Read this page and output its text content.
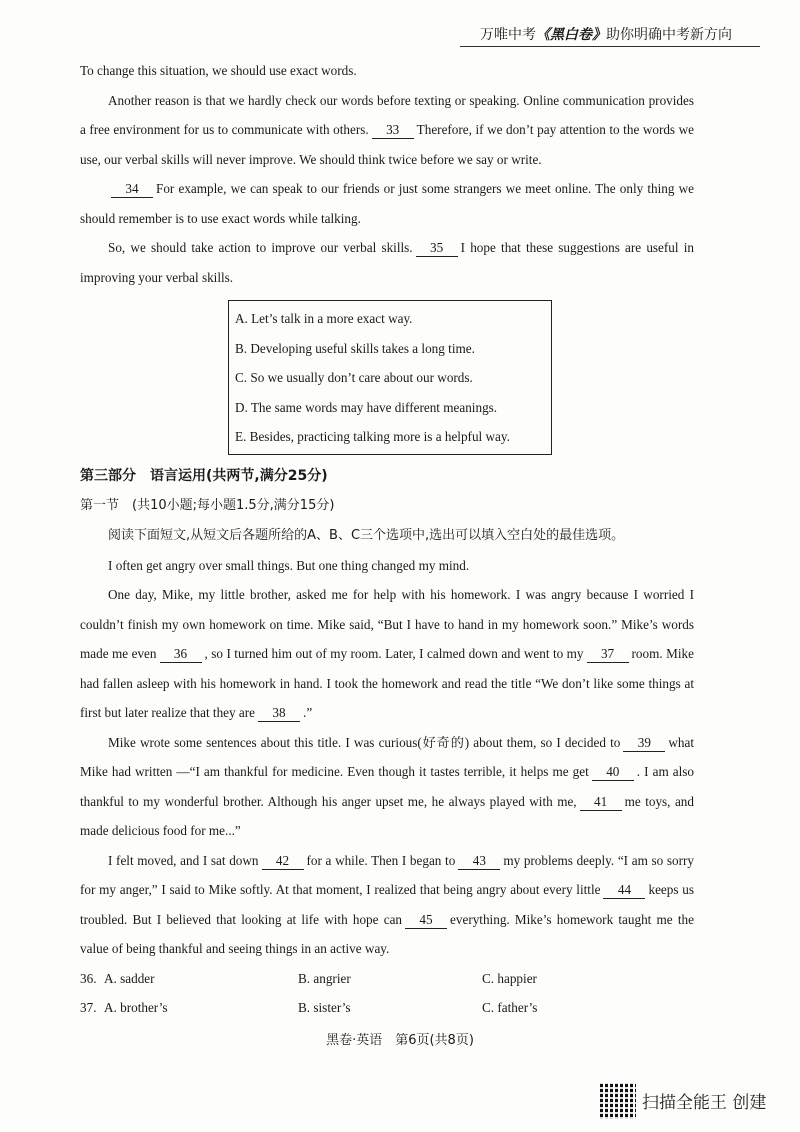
万唯中考《黑白卷》助你明确中考新方向

To change this situation, we should use exact words.

Another reason is that we hardly check our words before texting or speaking. Online communication provides a free environment for us to communicate with others. 33 Therefore, if we don’t pay attention to the words we use, our verbal skills will never improve. We should think twice before we say or write.

34 For example, we can speak to our friends or just some strangers we meet online. The only thing we should remember is to use exact words while talking.

So, we should take action to improve our verbal skills. 35 I hope that these suggestions are useful in improving your verbal skills.

A. Let’s talk in a more exact way.
B. Developing useful skills takes a long time.
C. So we usually don’t care about our words.
D. The same words may have different meanings.
E. Besides, practicing talking more is a helpful way.
第三部分　语言运用(共两节,满分25分)
第一节　(共10小题;每小题1.5分,满分15分)
阅读下面短文,从短文后各题所给的A、B、C三个选项中,选出可以填入空白处的最佳选项。

I often get angry over small things. But one thing changed my mind.

One day, Mike, my little brother, asked me for help with his homework. I was angry because I worried I couldn’t finish my own homework on time. Mike said, “But I have to hand in my homework soon.” Mike’s words made me even 36 , so I turned him out of my room. Later, I calmed down and went to my 37 room. Mike had fallen asleep with his homework in hand. I took the homework and read the title “We don’t like some things at first but later realize that they are 38 .”

Mike wrote some sentences about this title. I was curious(好奇的) about them, so I decided to 39 what Mike had written —“I am thankful for medicine. Even though it tastes terrible, it helps me get 40 . I am also thankful to my wonderful brother. Although his anger upset me, he always played with me, 41 me toys, and made delicious food for me...”

I felt moved, and I sat down 42 for a while. Then I began to 43 my problems deeply. “I am so sorry for my anger,” I said to Mike softly. At that moment, I realized that being angry about every little 44 keeps us troubled. But I believed that looking at life with hope can 45 everything. Mike’s homework taught me the value of being thankful and seeing things in an active way.

36. A. sadder	B. angrier	C. happier
37. A. brother’s	B. sister’s	C. father’s
黑卷·英语　第6页(共8页)
扫描全能王 创建
